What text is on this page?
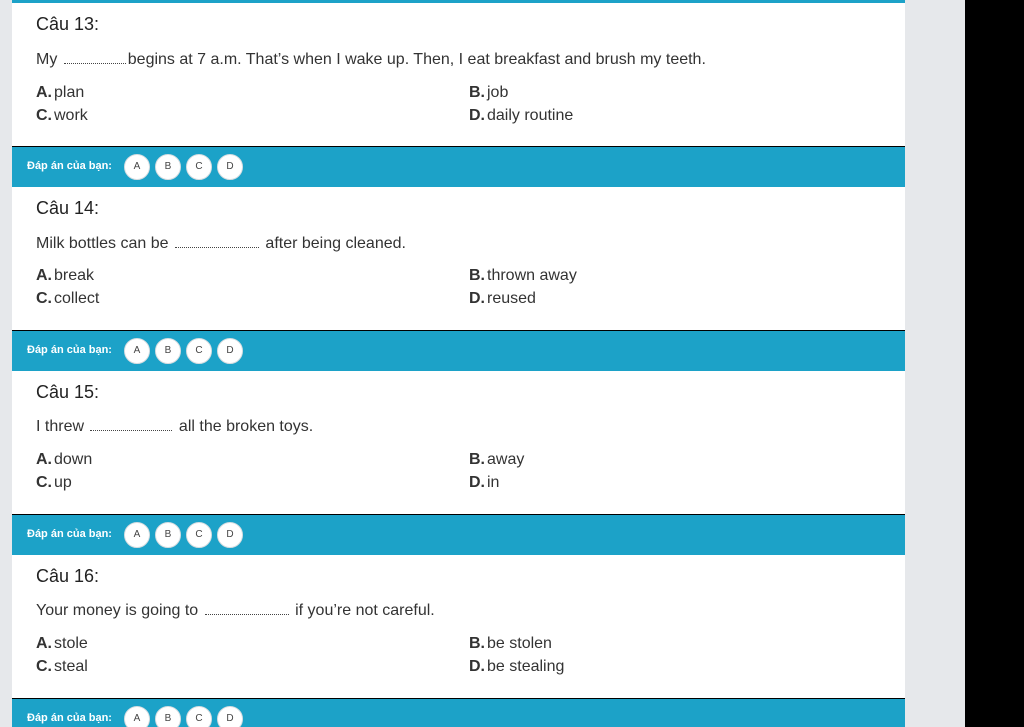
Câu 13:
My	begins at 7 a.m. That’s when I wake up. Then, I eat breakfast and brush my teeth.
A. plan	B. job
C. work	D. daily routine
Đáp án của bạn:	A	B	C	D
Câu 14:
Milk bottles can be	after being cleaned.
A. break	B. thrown away
C. collect	D. reused
Đáp án của bạn:	A	B	C	D
Câu 15:
I threw	all the broken toys.
A. down	B. away
C. up	D. in
Đáp án của bạn:	A	B	C	D
Câu 16:
Your money is going to	if you’re not careful.
A. stole	B. be stolen
C. steal	D. be stealing
Đáp án của bạn:	A	B	C	D
